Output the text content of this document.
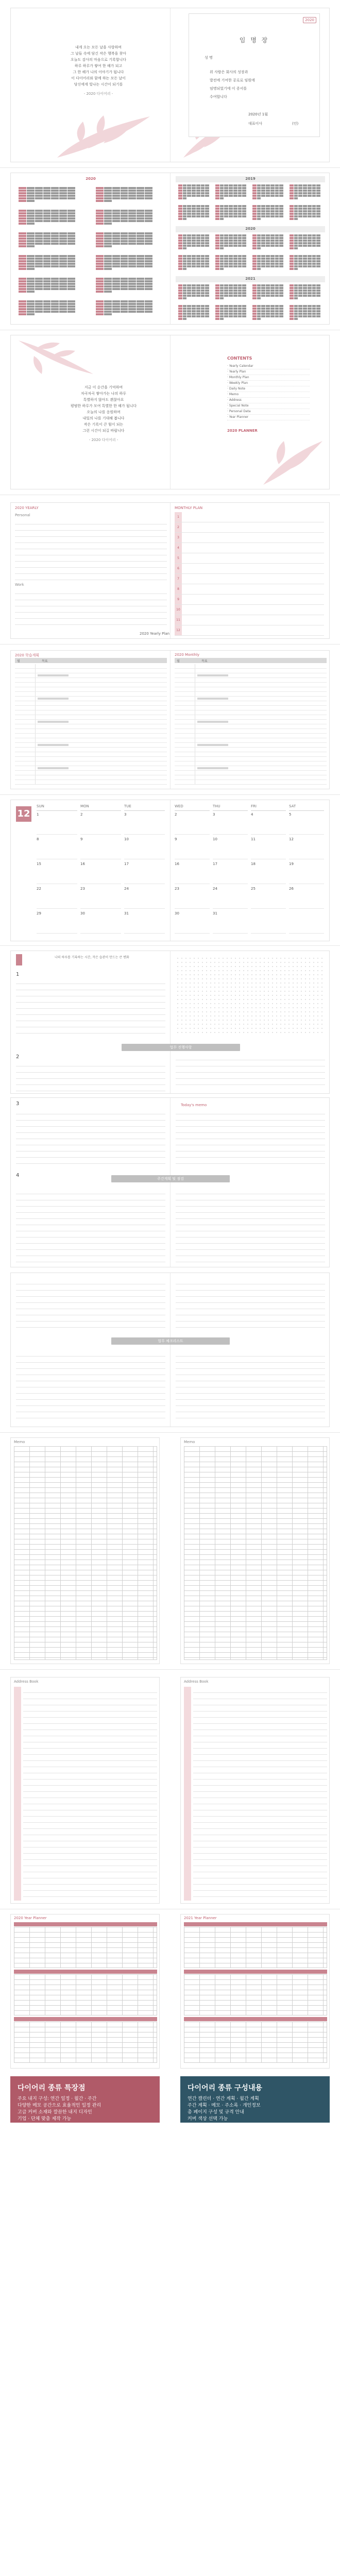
내게 오는 모든 날을 사랑하며
그 날들 속에 담긴 작은 행복을 찾아
오늘도 감사의 마음으로 기록합니다
하루 하루가 쌓여 한 해가 되고
그 한 해가 나의 이야기가 됩니다
이 다이어리와 함께 하는 모든 날이
당신에게 빛나는 시간이 되기를
- 2020 다이어리 -
2020
임 명 장
성 명
위 사람은 회사의 성장과
발전에 기여한 공로로 임원에
임명되었기에 이 증서를
수여합니다
2020년 1월
대표이사	(인)
2020	2019
2020
2021
지금 이 순간을 기억하며
차곡차곡 쌓아가는 나의 하루
특별하지 않아도 괜찮아요
평범한 하루가 모여 특별한 한 해가 됩니다
오늘의 나를 응원하며
내일의 나를 기대해 봅니다
작은 기록이 큰 힘이 되는
그런 시간이 되길 바랍니다
- 2020 다이어리 -
CONTENTS
· Yearly Calendar
· Yearly Plan
· Monthly Plan
· Weekly Plan
· Daily Note
· Memo
· Address
· Special Note
· Personal Data
· Year Planner
2020 PLANNER
2020 YEARLY
Personal
Work
2020 Yearly Plan
MONTHLY PLAN
1
2
3
4
5
6
7
8
9
10
11
12
2020 학습계획
월	목표
2020 Monthly
월	목표
12
SUN	MON	TUE
1	2	3
8	9	10
15	16	17
22	23	24
29	30	31
WED	THU	FRI	SAT
2	3	4	5
9	10	11	12
16	17	18	19
23	24	25	26
30	31
나의 하루를 기록하는 시간, 작은 습관이 만드는 큰 변화
1
업무 진행사항
2
3	Today's memo
4
주간계획 및 점검
업무 체크리스트
Memo	Memo
Address Book	Address Book
2020 Year Planner	2021 Year Planner
다이어리 종류 특장점
주요 내지 구성: 연간 일정 · 월간 · 주간
다양한 메모 공간으로 효율적인 일정 관리
고급 커버 소재와 깔끔한 내지 디자인
기업 · 단체 맞춤 제작 가능
다이어리 종류 구성내용
연간 캘린더 · 연간 계획 · 월간 계획
주간 계획 · 메모 · 주소록 · 개인정보
총 페이지 구성 및 규격 안내
커버 색상 선택 가능
